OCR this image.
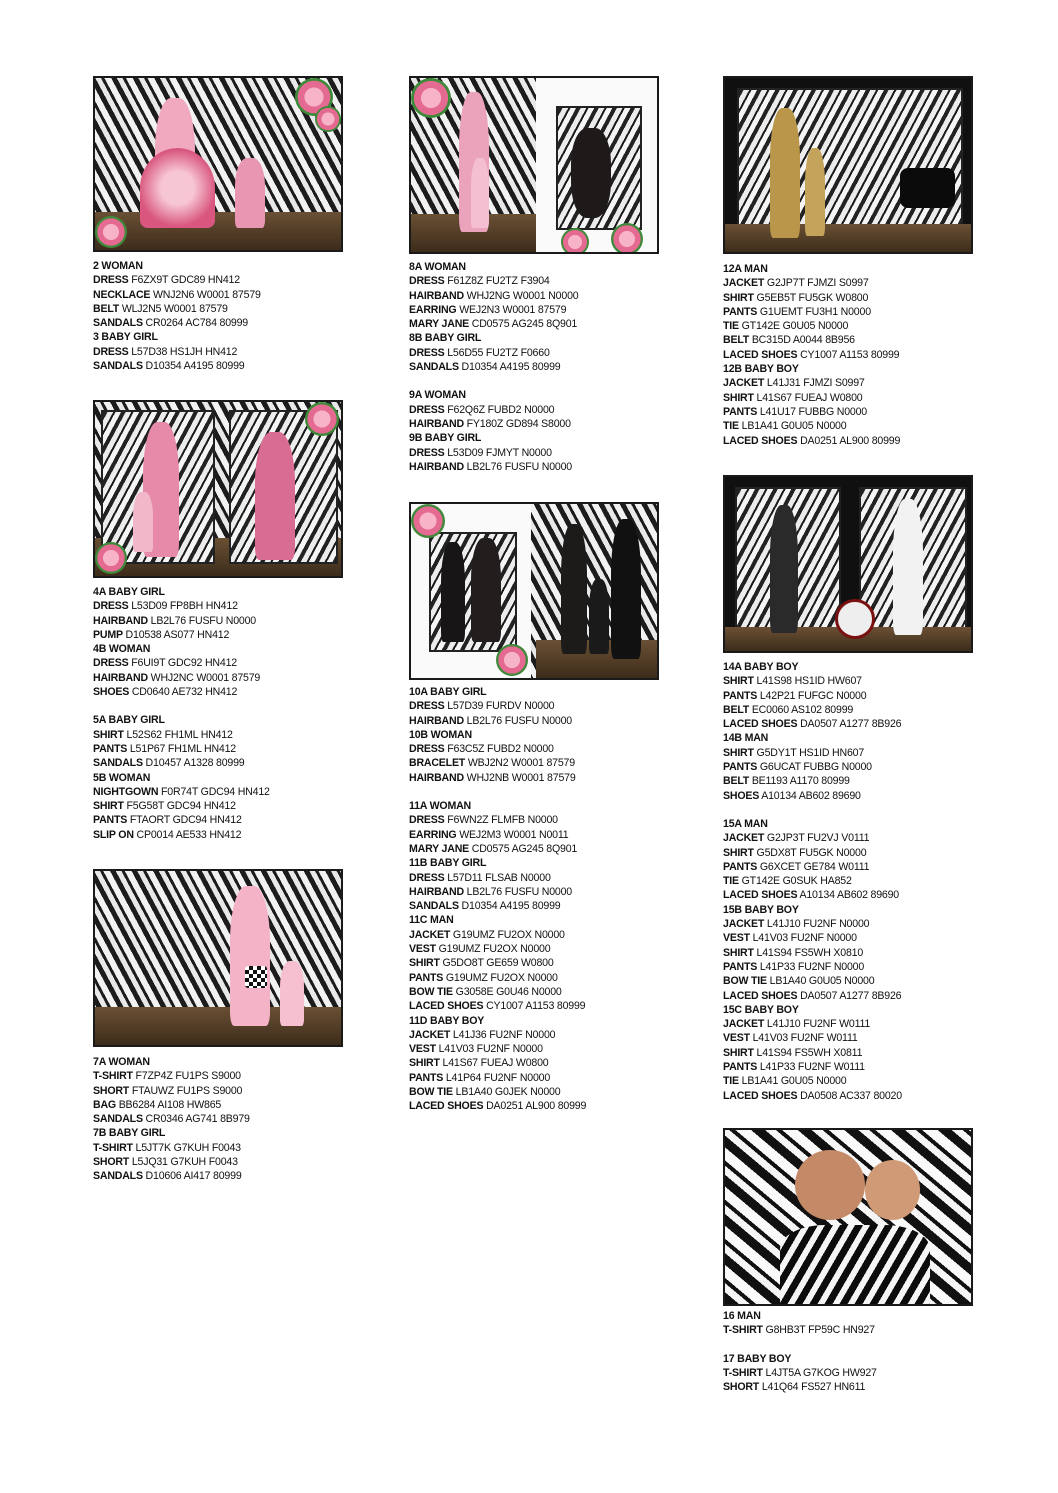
2 WOMAN
DRESS F6ZX9T GDC89 HN412
NECKLACE WNJ2N6 W0001 87579
BELT WLJ2N5 W0001 87579
SANDALS CR0264 AC784 80999
3 BABY GIRL
DRESS L57D38 HS1JH HN412
SANDALS D10354 A4195 80999
4A BABY GIRL
DRESS L53D09 FP8BH HN412
HAIRBAND LB2L76 FUSFU N0000
PUMP D10538 AS077 HN412
4B WOMAN
DRESS F6UI9T GDC92 HN412
HAIRBAND WHJ2NC W0001 87579
SHOES CD0640 AE732 HN412
5A BABY GIRL
SHIRT L52S62 FH1ML HN412
PANTS L51P67 FH1ML HN412
SANDALS D10457 A1328 80999
5B WOMAN
NIGHTGOWN F0R74T GDC94 HN412
SHIRT F5G58T GDC94 HN412
PANTS FTAORT GDC94 HN412
SLIP ON CP0014 AE533 HN412
7A WOMAN
T-SHIRT F7ZP4Z FU1PS S9000
SHORT FTAUWZ FU1PS S9000
BAG BB6284 AI108 HW865
SANDALS CR0346 AG741 8B979
7B BABY GIRL
T-SHIRT L5JT7K G7KUH F0043
SHORT L5JQ31 G7KUH F0043
SANDALS D10606 AI417 80999
8A WOMAN
DRESS F61Z8Z FU2TZ F3904
HAIRBAND WHJ2NG W0001 N0000
EARRING WEJ2N3 W0001 87579
MARY JANE CD0575 AG245 8Q901
8B BABY GIRL
DRESS L56D55 FU2TZ F0660
SANDALS D10354 A4195 80999
9A WOMAN
DRESS F62Q6Z FUBD2 N0000
HAIRBAND FY180Z GD894 S8000
9B BABY GIRL
DRESS L53D09 FJMYT N0000
HAIRBAND LB2L76 FUSFU N0000
10A BABY GIRL
DRESS L57D39 FURDV N0000
HAIRBAND LB2L76 FUSFU N0000
10B WOMAN
DRESS F63C5Z FUBD2 N0000
BRACELET WBJ2N2 W0001 87579
HAIRBAND WHJ2NB W0001 87579
11A WOMAN
DRESS F6WN2Z FLMFB N0000
EARRING WEJ2M3 W0001 N0011
MARY JANE CD0575 AG245 8Q901
11B BABY GIRL
DRESS L57D11 FLSAB N0000
HAIRBAND LB2L76 FUSFU N0000
SANDALS D10354 A4195 80999
11C MAN
JACKET G19UMZ FU2OX N0000
VEST G19UMZ FU2OX N0000
SHIRT G5DO8T GE659 W0800
PANTS G19UMZ FU2OX N0000
BOW TIE G3058E G0U46 N0000
LACED SHOES CY1007 A1153 80999
11D BABY BOY
JACKET L41J36 FU2NF N0000
VEST L41V03 FU2NF N0000
SHIRT L41S67 FUEAJ W0800
PANTS L41P64 FU2NF N0000
BOW TIE LB1A40 G0JEK N0000
LACED SHOES DA0251 AL900 80999
12A MAN
JACKET G2JP7T FJMZI S0997
SHIRT G5EB5T FU5GK W0800
PANTS G1UEMT FU3H1 N0000
TIE GT142E G0U05 N0000
BELT BC315D A0044 8B956
LACED SHOES CY1007 A1153 80999
12B BABY BOY
JACKET L41J31 FJMZI S0997
SHIRT L41S67 FUEAJ W0800
PANTS L41U17 FUBBG N0000
TIE LB1A41 G0U05 N0000
LACED SHOES DA0251 AL900 80999
14A BABY BOY
SHIRT L41S98 HS1ID HW607
PANTS L42P21 FUFGC N0000
BELT EC0060 AS102 80999
LACED SHOES DA0507 A1277 8B926
14B MAN
SHIRT G5DY1T HS1ID HN607
PANTS G6UCAT FUBBG N0000
BELT BE1193 A1170 80999
SHOES A10134 AB602 89690
15A MAN
JACKET G2JP3T FU2VJ V0111
SHIRT G5DX8T FU5GK N0000
PANTS G6XCET GE784 W0111
TIE GT142E G0SUK HA852
LACED SHOES A10134 AB602 89690
15B BABY BOY
JACKET L41J10 FU2NF N0000
VEST L41V03 FU2NF N0000
SHIRT L41S94 FS5WH X0810
PANTS L41P33 FU2NF N0000
BOW TIE LB1A40 G0U05 N0000
LACED SHOES DA0507 A1277 8B926
15C BABY BOY
JACKET L41J10 FU2NF W0111
VEST L41V03 FU2NF W0111
SHIRT L41S94 FS5WH X0811
PANTS L41P33 FU2NF W0111
TIE LB1A41 G0U05 N0000
LACED SHOES DA0508 AC337 80020
16 MAN
T-SHIRT G8HB3T FP59C HN927
17 BABY BOY
T-SHIRT L4JT5A G7KOG HW927
SHORT L41Q64 FS527 HN611
